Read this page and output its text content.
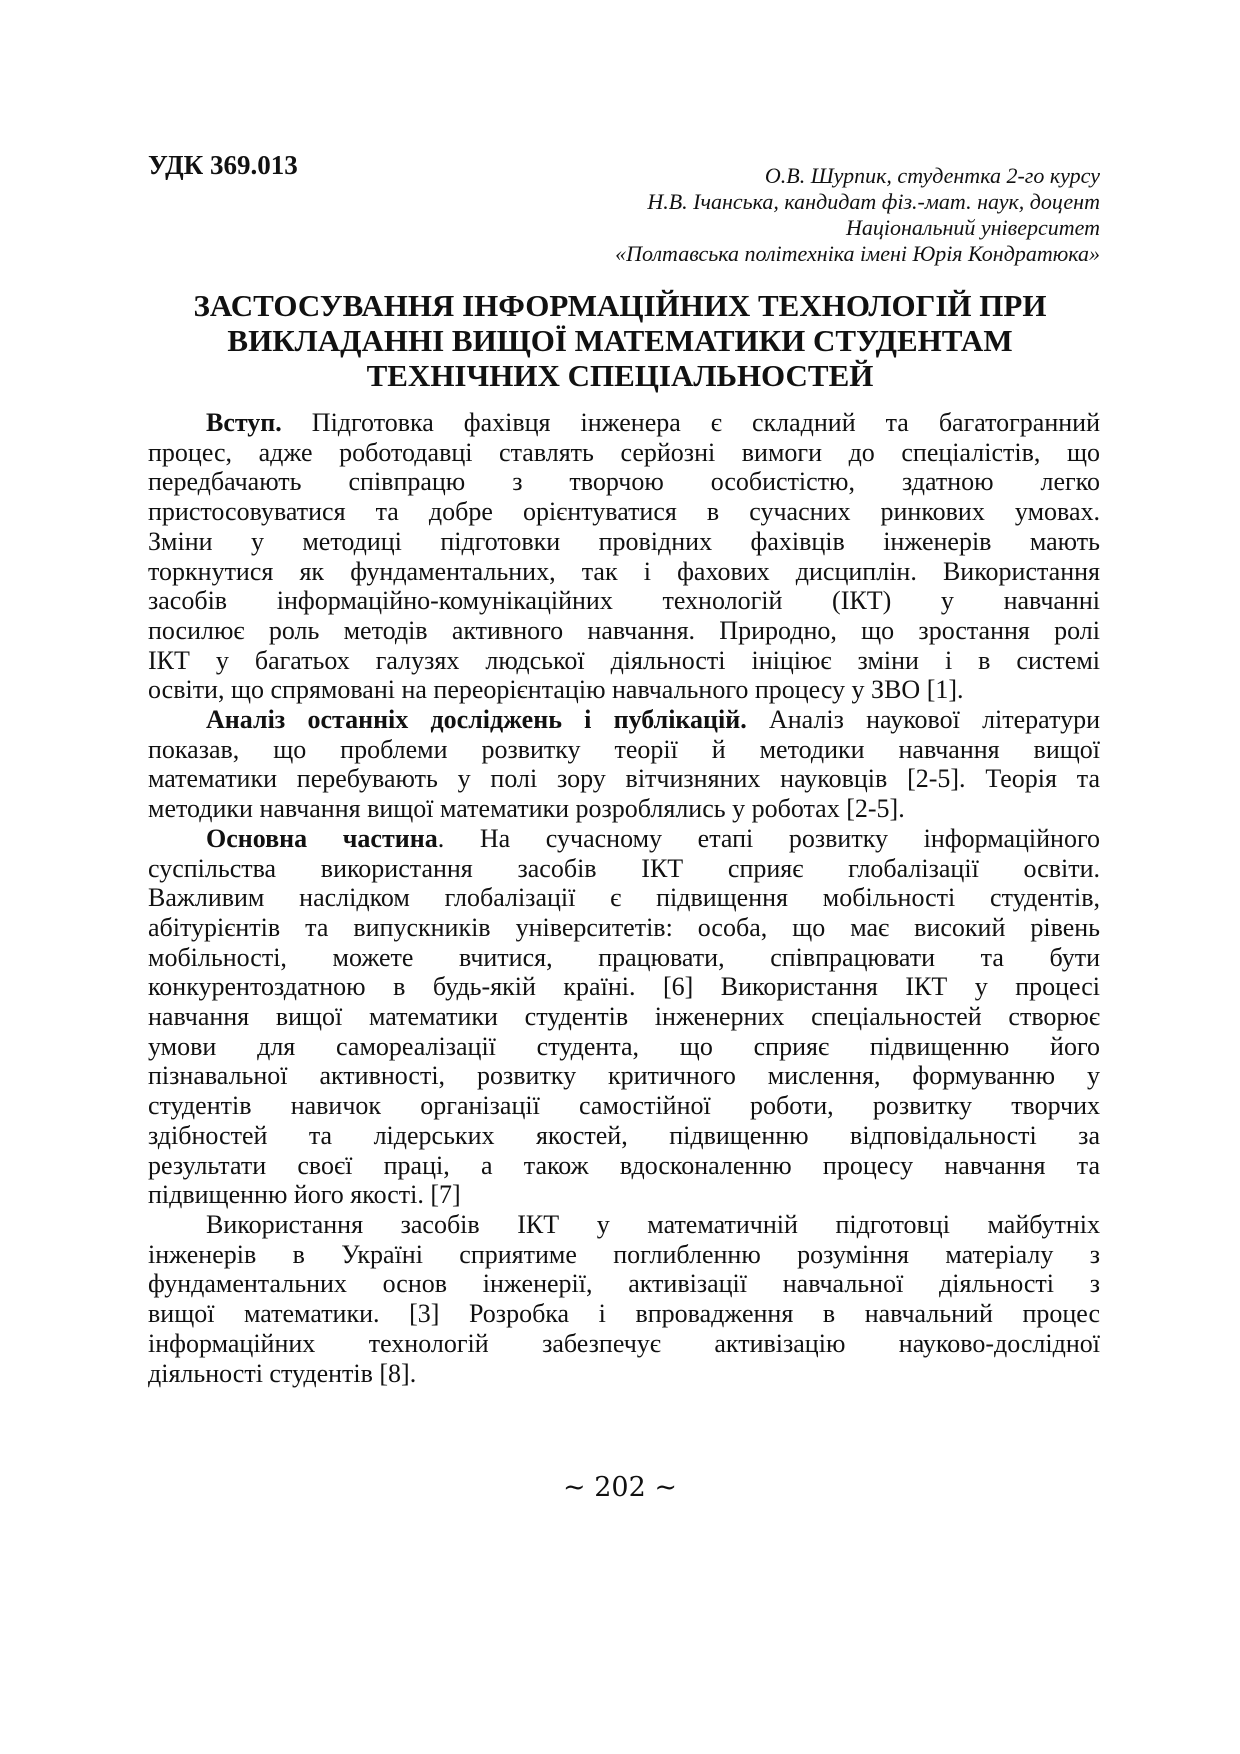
УДК 369.013	О.В. Шурпик, студентка 2-го курсу
Н.В. Ічанська, кандидат фіз.-мат. наук, доцент
Національний університет
«Полтавська політехніка імені Юрія Кондратюка»
ЗАСТОСУВАННЯ ІНФОРМАЦІЙНИХ ТЕХНОЛОГІЙ ПРИ
ВИКЛАДАННІ ВИЩОЇ МАТЕМАТИКИ СТУДЕНТАМ
ТЕХНІЧНИХ СПЕЦІАЛЬНОСТЕЙ
Вступ. Підготовка фахівця інженера є складний та багатогранний
процес, адже роботодавці ставлять серйозні вимоги до спеціалістів, що
передбачають співпрацю з творчою особистістю, здатною легко
пристосовуватися та добре орієнтуватися в сучасних ринкових умовах.
Зміни у методиці підготовки провідних фахівців інженерів мають
торкнутися як фундаментальних, так і фахових дисциплін. Використання
засобів інформаційно-комунікаційних технологій (ІКТ) у навчанні
посилює роль методів активного навчання. Природно, що зростання ролі
ІКТ у багатьох галузях людської діяльності ініціює зміни і в системі
освіти, що спрямовані на переорієнтацію навчального процесу у ЗВО [1].
Аналіз останніх досліджень і публікацій. Аналіз наукової літератури
показав, що проблеми розвитку теорії й методики навчання вищої
математики перебувають у полі зору вітчизняних науковців [2-5]. Теорія та
методики навчання вищої математики розроблялись у роботах [2-5].
Основна частина. На сучасному етапі розвитку інформаційного
суспільства використання засобів ІКТ сприяє глобалізації освіти.
Важливим наслідком глобалізації є підвищення мобільності студентів,
абітурієнтів та випускників університетів: особа, що має високий рівень
мобільності, можете вчитися, працювати, співпрацювати та бути
конкурентоздатною в будь-якій країні. [6] Використання ІКТ у процесі
навчання вищої математики студентів інженерних спеціальностей створює
умови для самореалізації студента, що сприяє підвищенню його
пізнавальної активності, розвитку критичного мислення, формуванню у
студентів навичок організації самостійної роботи, розвитку творчих
здібностей та лідерських якостей, підвищенню відповідальності за
результати своєї праці, а також вдосконаленню процесу навчання та
підвищенню його якості. [7]
Використання засобів ІКТ у математичній підготовці майбутніх
інженерів в Україні сприятиме поглибленню розуміння матеріалу з
фундаментальних основ інженерії, активізації навчальної діяльності з
вищої математики. [3] Розробка і впровадження в навчальний процес
інформаційних технологій забезпечує активізацію науково-дослідної
діяльності студентів [8].
~ 202 ~
